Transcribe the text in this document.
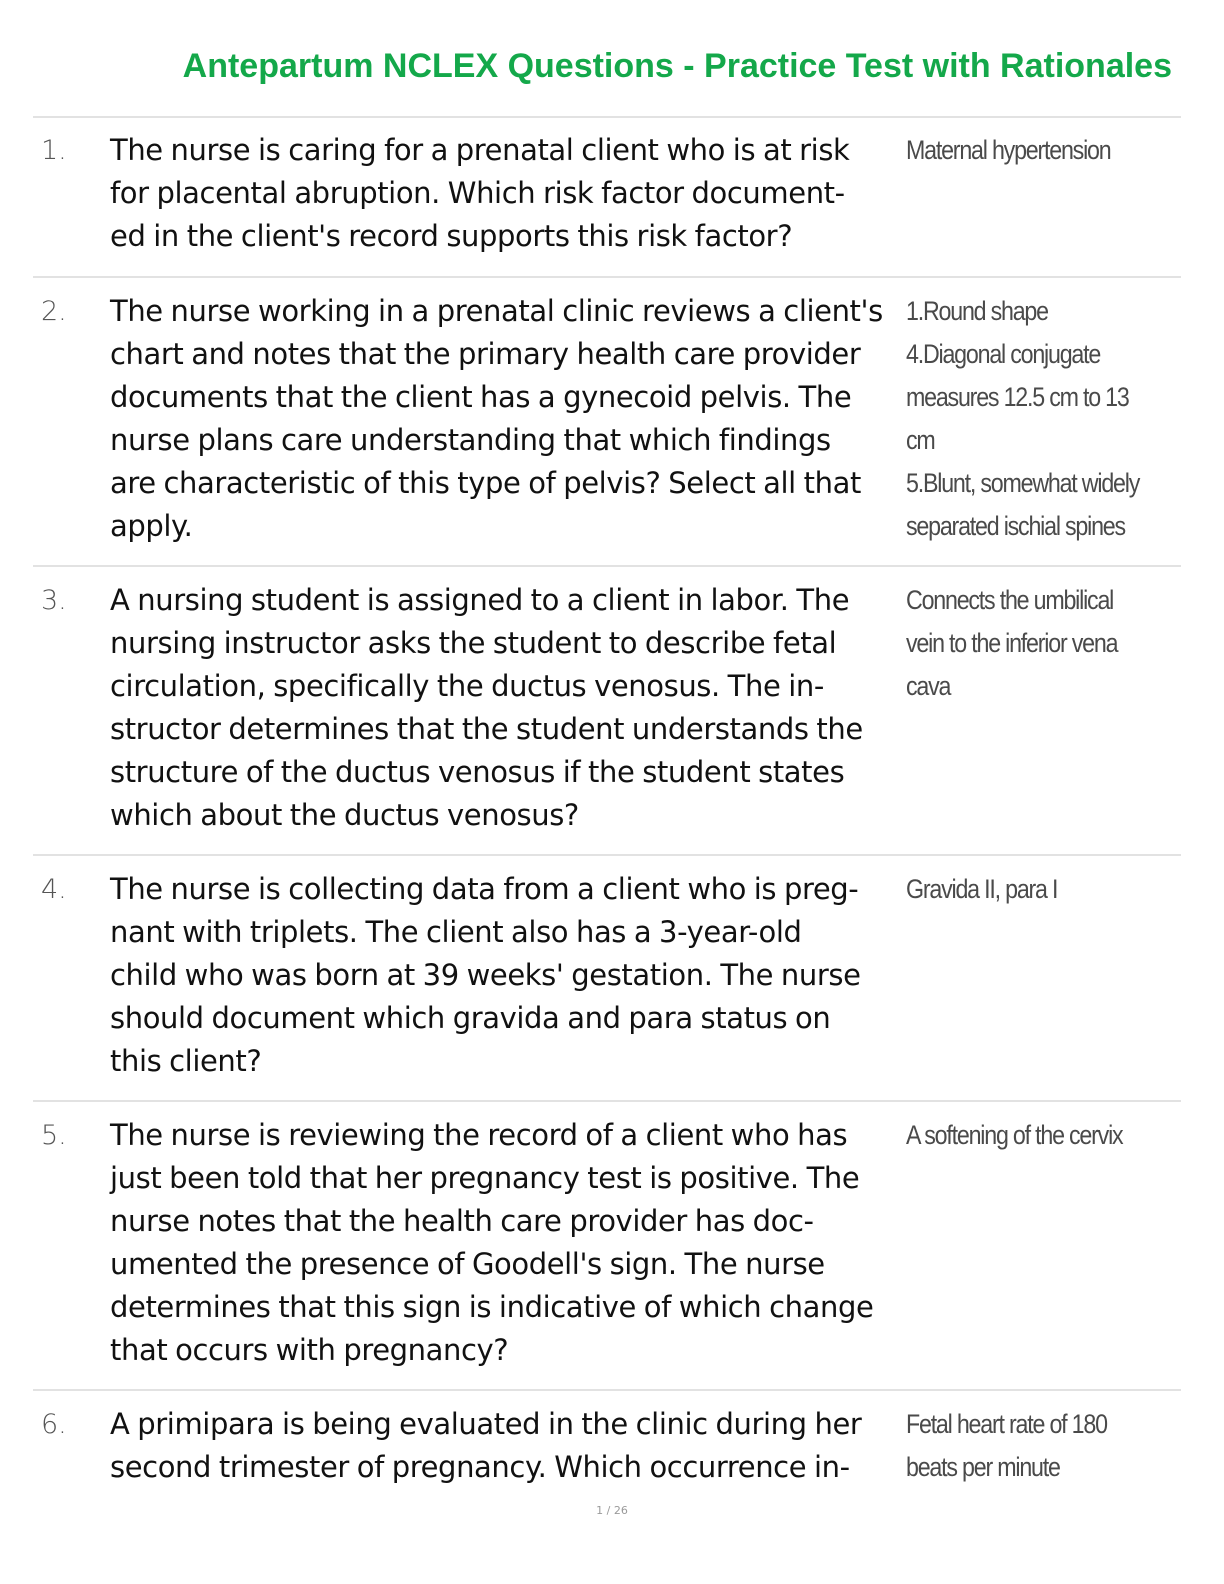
Antepartum NCLEX Questions - Practice Test with Rationales
1. The nurse is caring for a prenatal client who is at risk
for placental abruption. Which risk factor document-
ed in the client's record supports this risk factor?
Maternal hypertension
2. The nurse working in a prenatal clinic reviews a client's
chart and notes that the primary health care provider
documents that the client has a gynecoid pelvis. The
nurse plans care understanding that which findings
are characteristic of this type of pelvis? Select all that
apply.
1.Round shape
4.Diagonal conjugate
measures 12.5 cm to 13
cm
5.Blunt, somewhat widely
separated ischial spines
3. A nursing student is assigned to a client in labor. The
nursing instructor asks the student to describe fetal
circulation, specifically the ductus venosus. The in-
structor determines that the student understands the
structure of the ductus venosus if the student states
which about the ductus venosus?
Connects the umbilical
vein to the inferior vena
cava
4. The nurse is collecting data from a client who is preg-
nant with triplets. The client also has a 3-year-old
child who was born at 39 weeks' gestation. The nurse
should document which gravida and para status on
this client?
Gravida II, para I
5. The nurse is reviewing the record of a client who has
just been told that her pregnancy test is positive. The
nurse notes that the health care provider has doc-
umented the presence of Goodell's sign. The nurse
determines that this sign is indicative of which change
that occurs with pregnancy?
A softening of the cervix
6. A primipara is being evaluated in the clinic during her
second trimester of pregnancy. Which occurrence in-
Fetal heart rate of 180
beats per minute
1 / 26
